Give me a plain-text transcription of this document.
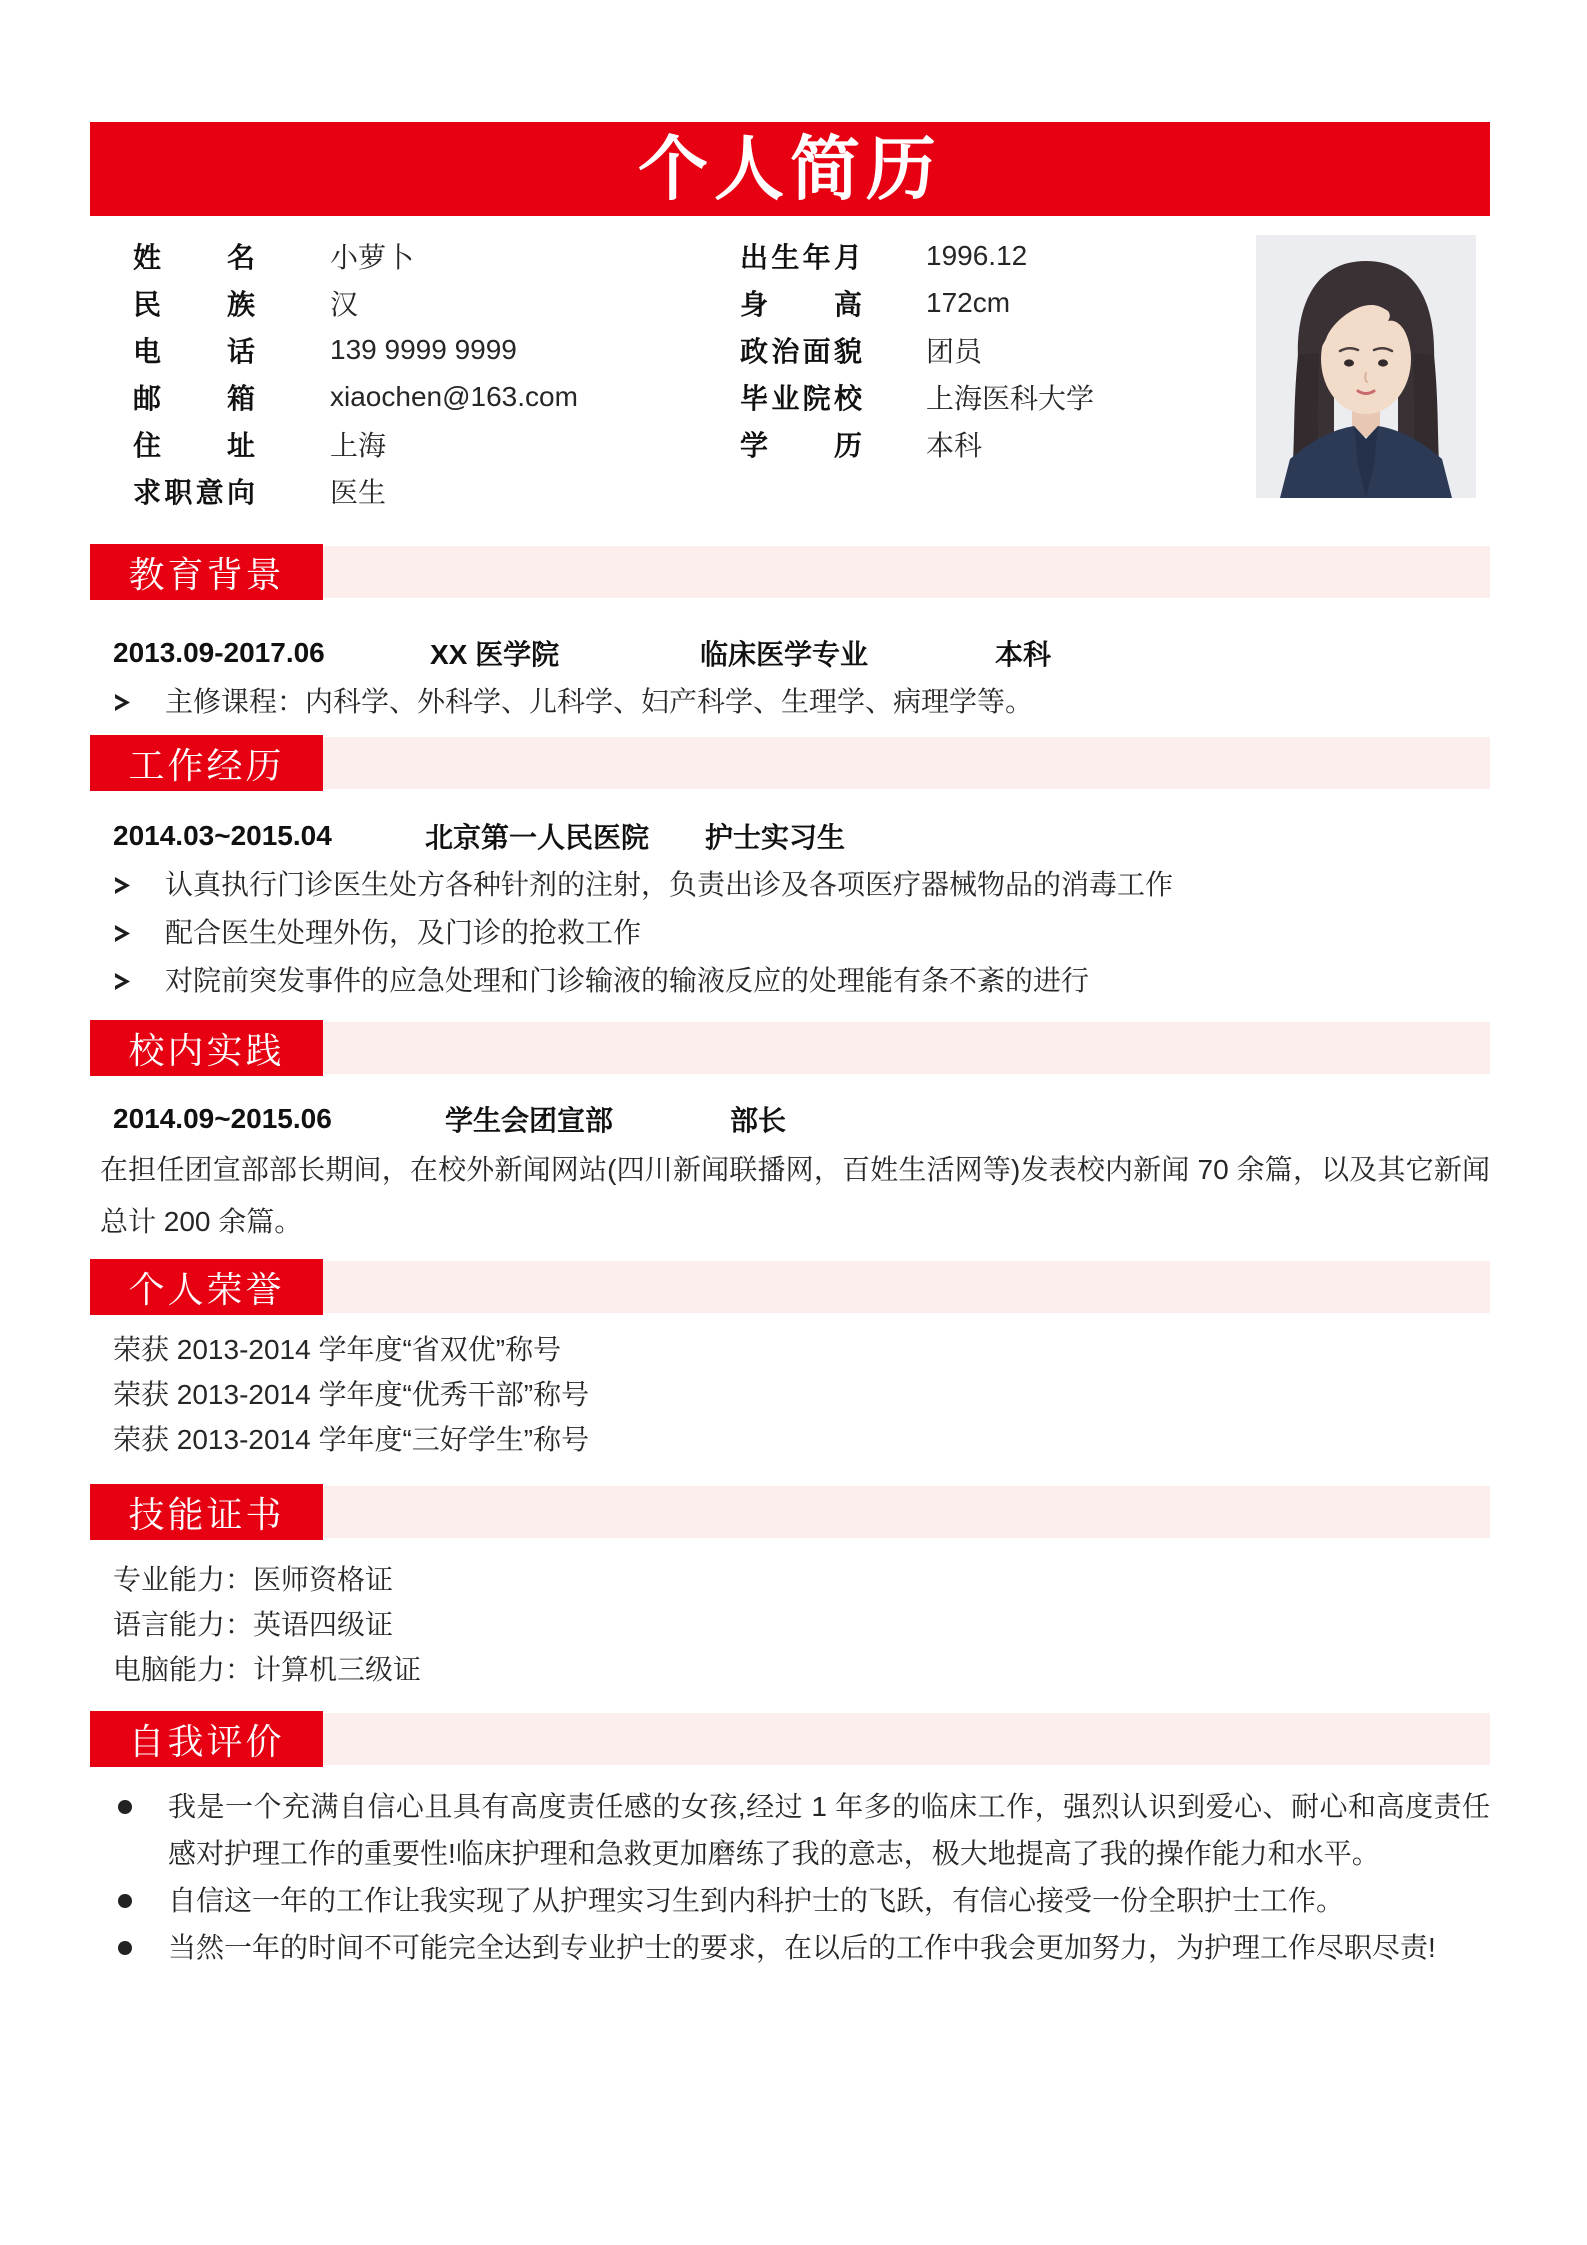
个人简历
姓名	小萝卜
民族	汉
电话	139 9999 9999
邮箱	xiaochen@163.com
住址	上海
求职意向	医生
出生年月 1996.12
身高 172cm
政治面貌 团员
毕业院校 上海医科大学
学历 本科
教育背景
2013.09-2017.06	XX 医学院	临床医学专业	本科
主修课程：内科学、外科学、儿科学、妇产科学、生理学、病理学等。
工作经历
2014.03~2015.04	北京第一人民医院	护士实习生
认真执行门诊医生处方各种针剂的注射，负责出诊及各项医疗器械物品的消毒工作
配合医生处理外伤，及门诊的抢救工作
对院前突发事件的应急处理和门诊输液的输液反应的处理能有条不紊的进行
校内实践
2014.09~2015.06	学生会团宣部	部长

在担任团宣部部长期间，在校外新闻网站(四川新闻联播网，百姓生活网等)发表校内新闻 70 余篇，以及其它新闻总计 200 余篇。

个人荣誉

荣获 2013-2014 学年度“省双优”称号

荣获 2013-2014 学年度“优秀干部”称号

荣获 2013-2014 学年度“三好学生”称号

技能证书

专业能力：医师资格证

语言能力：英语四级证

电脑能力：计算机三级证

自我评价
我是一个充满自信心且具有高度责任感的女孩,经过 1 年多的临床工作，强烈认识到爱心、耐心和高度责任感对护理工作的重要性!临床护理和急救更加磨练了我的意志，极大地提高了我的操作能力和水平。
自信这一年的工作让我实现了从护理实习生到内科护士的飞跃，有信心接受一份全职护士工作。
当然一年的时间不可能完全达到专业护士的要求，在以后的工作中我会更加努力，为护理工作尽职尽责!
